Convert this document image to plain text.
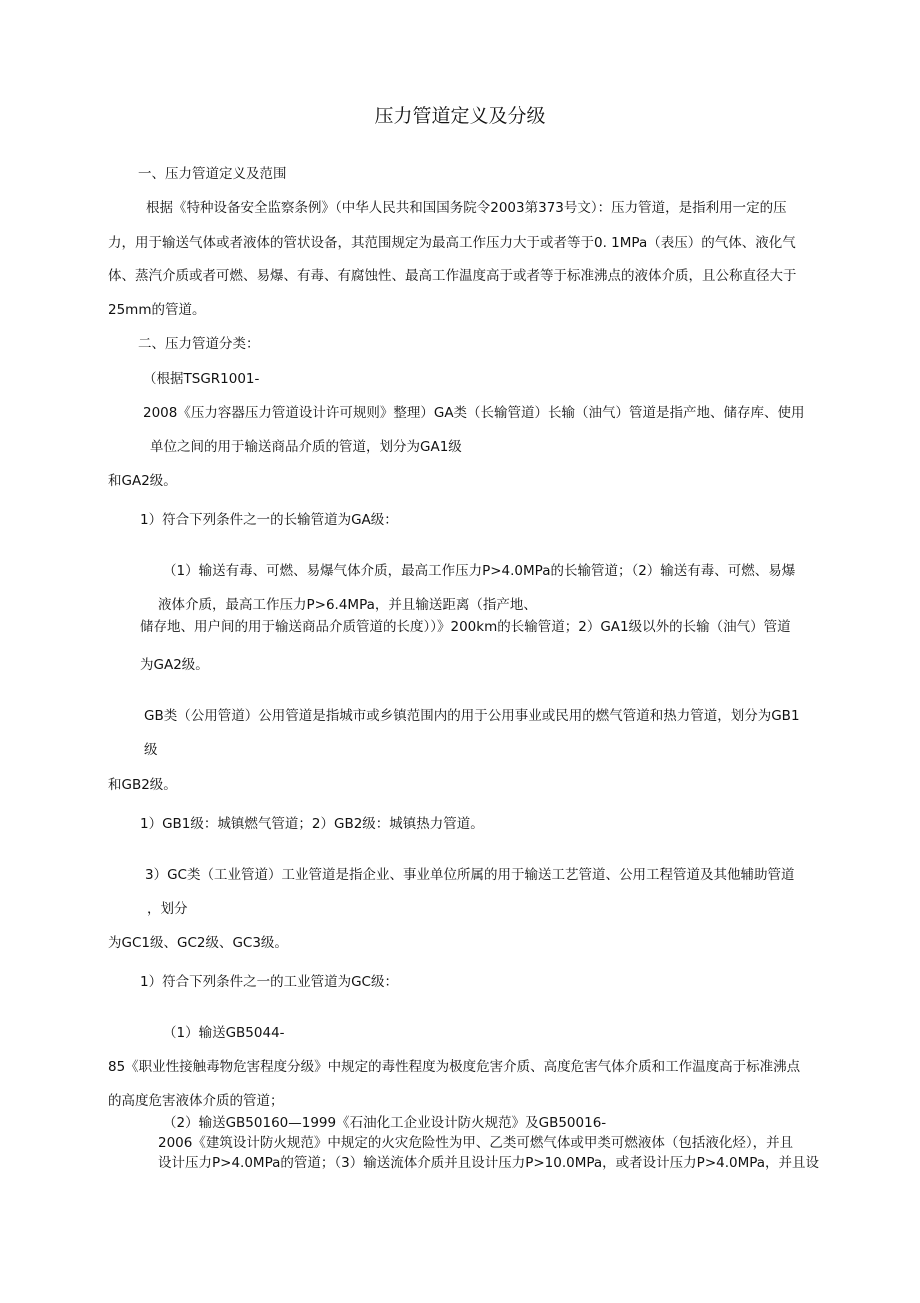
压力管道定义及分级
一、压力管道定义及范围
根据《特种设备安全监察条例》（中华人民共和国国务院令2003第373号文）：压力管道，是指利用一定的压
力，用于输送气体或者液体的管状设备，其范围规定为最高工作压力大于或者等于0. 1MPa（表压）的气体、液化气
体、蒸汽介质或者可燃、易爆、有毒、有腐蚀性、最高工作温度高于或者等于标准沸点的液体介质，且公称直径大于
25mm的管道。
二、压力管道分类：
（根据TSGR1001-
2008《压力容器压力管道设计许可规则》整理）GA类（长输管道）长输（油气）管道是指产地、储存库、使用
单位之间的用于输送商品介质的管道，划分为GA1级
和GA2级。
1）符合下列条件之一的长输管道为GA级：
（1）输送有毒、可燃、易爆气体介质，最高工作压力P>4.0MPa的长输管道；（2）输送有毒、可燃、易爆
液体介质，最高工作压力P>6.4MPa，并且输送距离（指产地、
储存地、用户间的用于输送商品介质管道的长度））》200km的长输管道；2）GA1级以外的长输（油气）管道
为GA2级。
GB类（公用管道）公用管道是指城市或乡镇范围内的用于公用事业或民用的燃气管道和热力管道，划分为GB1
级
和GB2级。
1）GB1级：城镇燃气管道；2）GB2级：城镇热力管道。
3）GC类（工业管道）工业管道是指企业、事业单位所属的用于输送工艺管道、公用工程管道及其他辅助管道
，划分
为GC1级、GC2级、GC3级。
1）符合下列条件之一的工业管道为GC级：
（1）输送GB5044-
85《职业性接触毒物危害程度分级》中规定的毒性程度为极度危害介质、高度危害气体介质和工作温度高于标准沸点
的高度危害液体介质的管道；
（2）输送GB50160—1999《石油化工企业设计防火规范》及GB50016-
2006《建筑设计防火规范》中规定的火灾危险性为甲、乙类可燃气体或甲类可燃液体（包括液化烃），并且
设计压力P>4.0MPa的管道；（3）输送流体介质并且设计压力P>10.0MPa，或者设计压力P>4.0MPa，并且设
